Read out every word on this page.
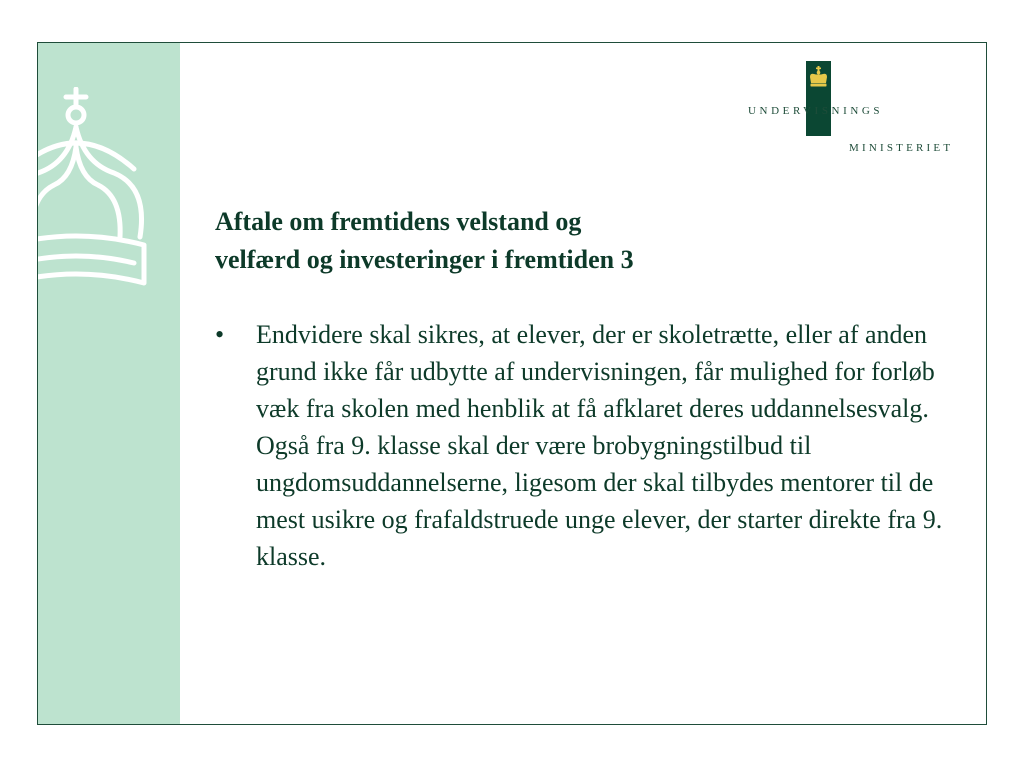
UNDERVISNINGS
MINISTERIET
Aftale om fremtidens velstand og
velfærd og investeringer i fremtiden 3
• Endvidere skal sikres, at elever, der er skoletrætte, eller af anden grund ikke får udbytte af undervisningen, får mulighed for forløb væk fra skolen med henblik at få afklaret deres uddannelsesvalg. Også fra 9. klasse skal der være brobygningstilbud til ungdomsuddannelserne, ligesom der skal tilbydes mentorer til de mest usikre og frafaldstruede unge elever, der starter direkte fra 9. klasse.
